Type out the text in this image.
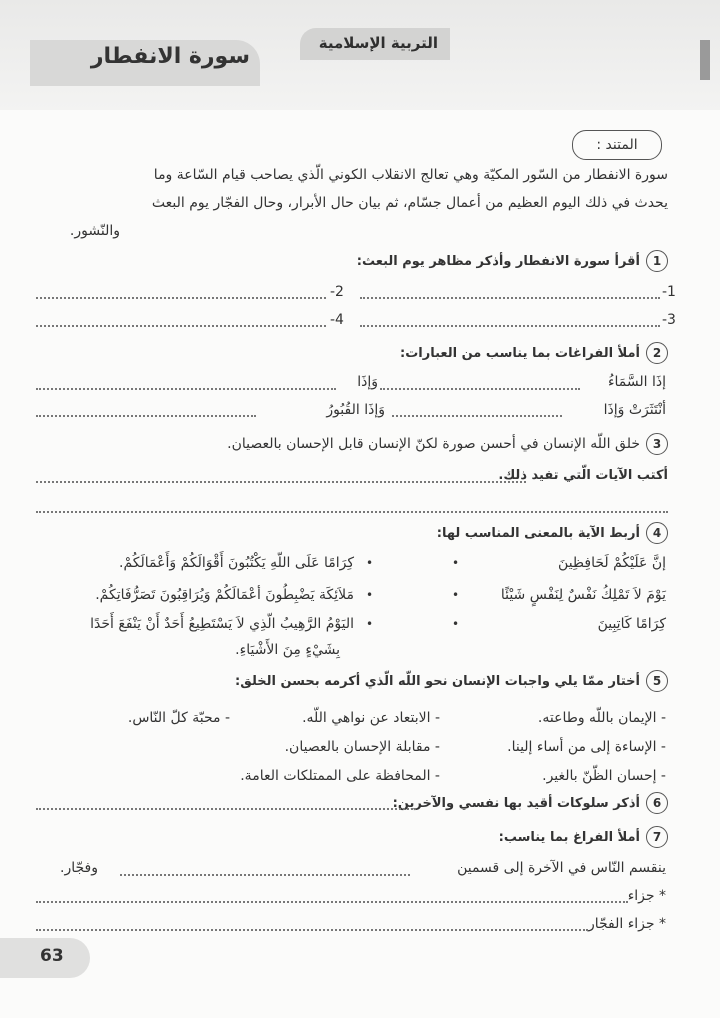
التربية الإسلامية
سورة الانفطار
المتند :
سورة الانفطار من السّور المكيّة وهي تعالج الانقلاب الكوني الّذي يصاحب قيام السّاعة وما
يحدث في ذلك اليوم العظيم من أعمال جسّام، ثم بيان حال الأبرار، وحال الفجّار يوم البعث
والنّشور.
1أقرأ سورة الانفطار وأذكر مظاهر يوم البعث:
-1
-2
-3
-4
2أملأ الفراغات بما يناسب من العبارات:
إذَا السَّمَاءُ
وَإذَا
أنْتَثَرَتْ وَإذَا
وَإذَا القُبُورُ
3خلق اللّه الإنسان في أحسن صورة لكنّ الإنسان قابل الإحسان بالعصيان.
أكتب الآيات الّتي تفيد ذلك.
4أربط الآية بالمعنى المناسب لها:
إنَّ عَلَيْكُمْ لَحَافِظِينَ
يَوْمَ لاَ تَمْلِكُ نَفْسٌ لِنَفْسٍ شَيْئًا
كِرَامًا كَاتِبِينَ
•
•
•
•
•
•
كِرَامًا عَلَى اللّهِ يَكْتُبُونَ أَقْوَالَكُمْ وَأَعْمَالَكُمْ.
مَلاَئِكَة يَضْبِطُونَ أعْمَالَكُمْ وَيُرَاقِبُونَ تَصَرُّفَاتِكُمْ.
اليَوْمُ الرَّهِيبُ الّذِي لاَ يَسْتَطِيعُ أَحَدٌ أَنْ يَنْفَعَ أَحَدًا
بِشَيْءٍ مِنَ الأَشْيَاءِ.
5أختار ممّا يلي واجبات الإنسان نحو اللّه الّذي أكرمه بحسن الخلق:
- الإيمان باللّه وطاعته.
- الابتعاد عن نواهي اللّه.
- محبّة كلّ النّاس.
- الإساءة إلى من أساء إلينا.
- مقابلة الإحسان بالعصيان.
- إحسان الظّنّ بالغير.
- المحافظة على الممتلكات العامة.
6أذكر سلوكات أقيد بها نفسي والآخرين:
7أملأ الفراغ بما يناسب:
ينقسم النّاس في الآخرة إلى قسمين
وفجّار.
* جزاء
* جزاء الفجّار
63
